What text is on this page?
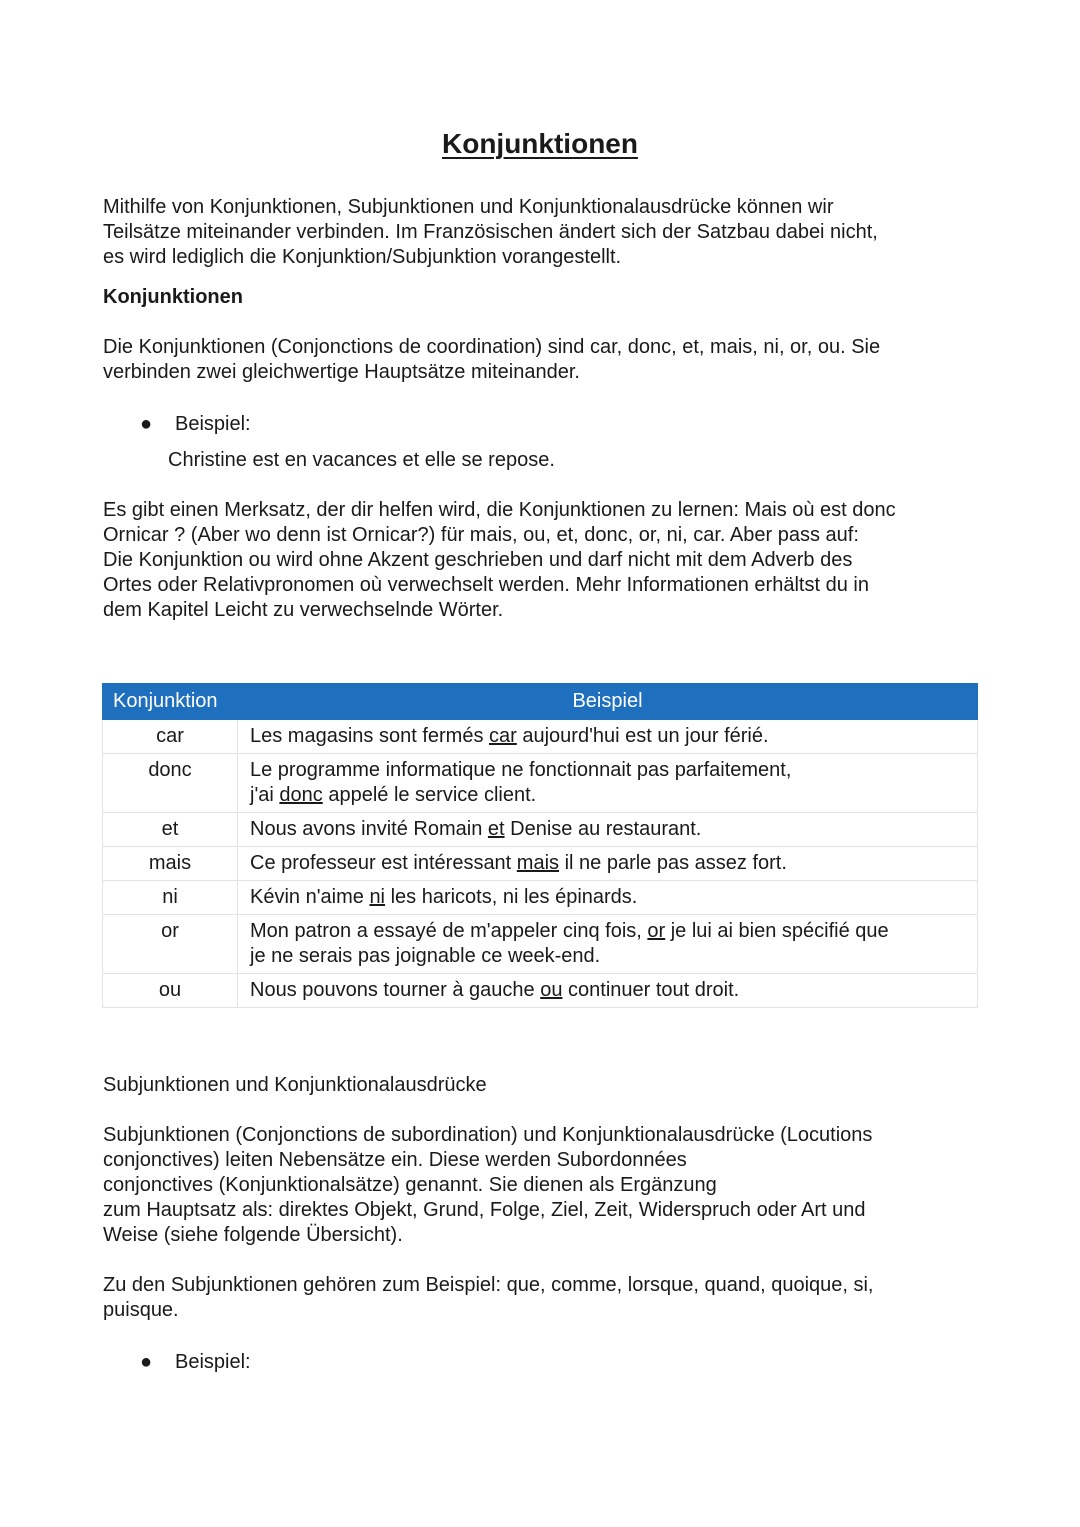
Konjunktionen

Mithilfe von Konjunktionen, Subjunktionen und Konjunktionalausdrücke können wir
Teilsätze miteinander verbinden. Im Französischen ändert sich der Satzbau dabei nicht,
es wird lediglich die Konjunktion/Subjunktion vorangestellt.

Konjunktionen

Die Konjunktionen (Conjonctions de coordination) sind car, donc, et, mais, ni, or, ou. Sie
verbinden zwei gleichwertige Hauptsätze miteinander.

● Beispiel:
Christine est en vacances et elle se repose.

Es gibt einen Merksatz, der dir helfen wird, die Konjunktionen zu lernen: Mais où est donc
Ornicar ? (Aber wo denn ist Ornicar?) für mais, ou, et, donc, or, ni, car. Aber pass auf:
Die Konjunktion ou wird ohne Akzent geschrieben und darf nicht mit dem Adverb des
Ortes oder Relativpronomen où verwechselt werden. Mehr Informationen erhältst du in
dem Kapitel Leicht zu verwechselnde Wörter.

Konjunktion	Beispiel
car	Les magasins sont fermés car aujourd'hui est un jour férié.

donc	Le programme informatique ne fonctionnait pas parfaitement,
j'ai donc appelé le service client.

et	Nous avons invité Romain et Denise au restaurant.

mais	Ce professeur est intéressant mais il ne parle pas assez fort.

ni	Kévin n'aime ni les haricots, ni les épinards.

or	Mon patron a essayé de m'appeler cinq fois, or je lui ai bien spécifié que
je ne serais pas joignable ce week-end.

ou	Nous pouvons tourner à gauche ou continuer tout droit.
Subjunktionen und Konjunktionalausdrücke

Subjunktionen (Conjonctions de subordination) und Konjunktionalausdrücke (Locutions
conjonctives) leiten Nebensätze ein. Diese werden Subordonnées
conjonctives (Konjunktionalsätze) genannt. Sie dienen als Ergänzung
zum Hauptsatz als: direktes Objekt, Grund, Folge, Ziel, Zeit, Widerspruch oder Art und
Weise (siehe folgende Übersicht).

Zu den Subjunktionen gehören zum Beispiel: que, comme, lorsque, quand, quoique, si,
puisque.

● Beispiel:
